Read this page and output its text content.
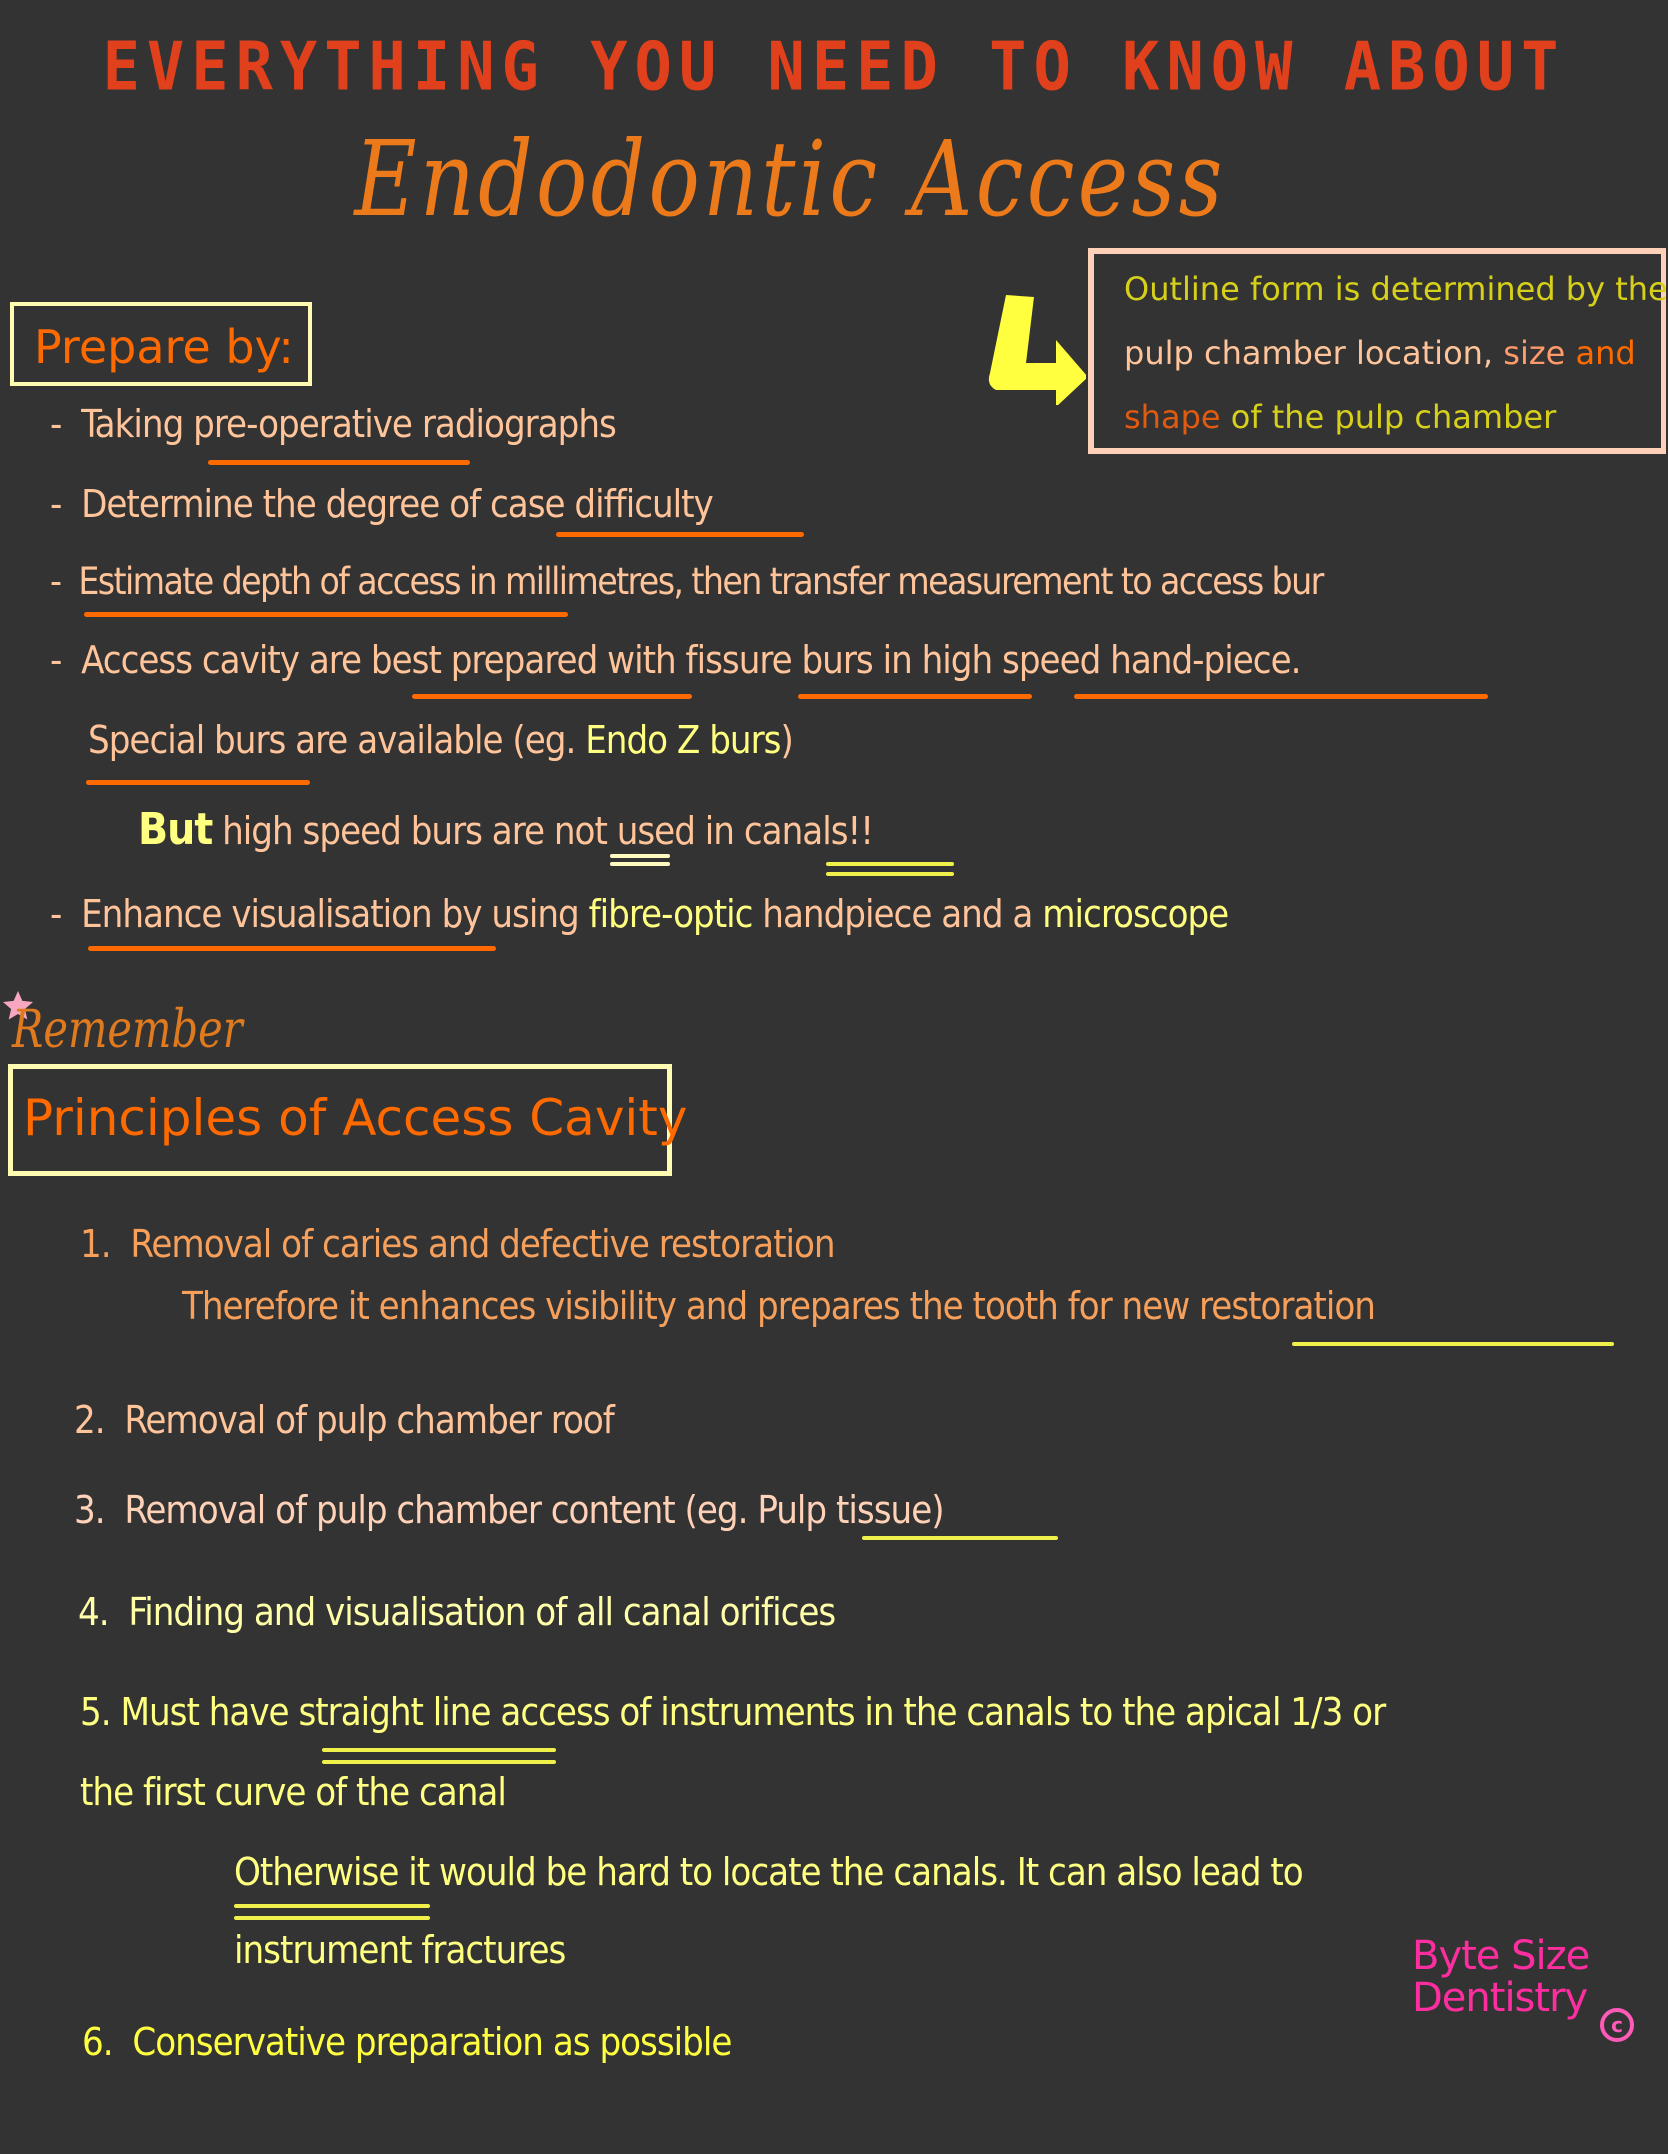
EVERYTHING YOU NEED TO KNOW ABOUT
Endodontic Access
Outline form is determined by the
pulp chamber location, size and
shape of the pulp chamber
Prepare by:
- Taking pre-operative radiographs
- Determine the degree of case difficulty
- Estimate depth of access in millimetres, then transfer measurement to access bur
- Access cavity are best prepared with fissure burs in high speed hand-piece.
Special burs are available (eg. Endo Z burs)
But high speed burs are not used in canals!!
- Enhance visualisation by using fibre-optic handpiece and a microscope
Remember
Principles of Access Cavity
1. Removal of caries and defective restoration
Therefore it enhances visibility and prepares the tooth for new restoration
2. Removal of pulp chamber roof
3. Removal of pulp chamber content (eg. Pulp tissue)
4. Finding and visualisation of all canal orifices
5. Must have straight line access of instruments in the canals to the apical 1/3 or
the first curve of the canal
Otherwise it would be hard to locate the canals. It can also lead to
instrument fractures
6. Conservative preparation as possible
Byte Size
Dentistry
c
